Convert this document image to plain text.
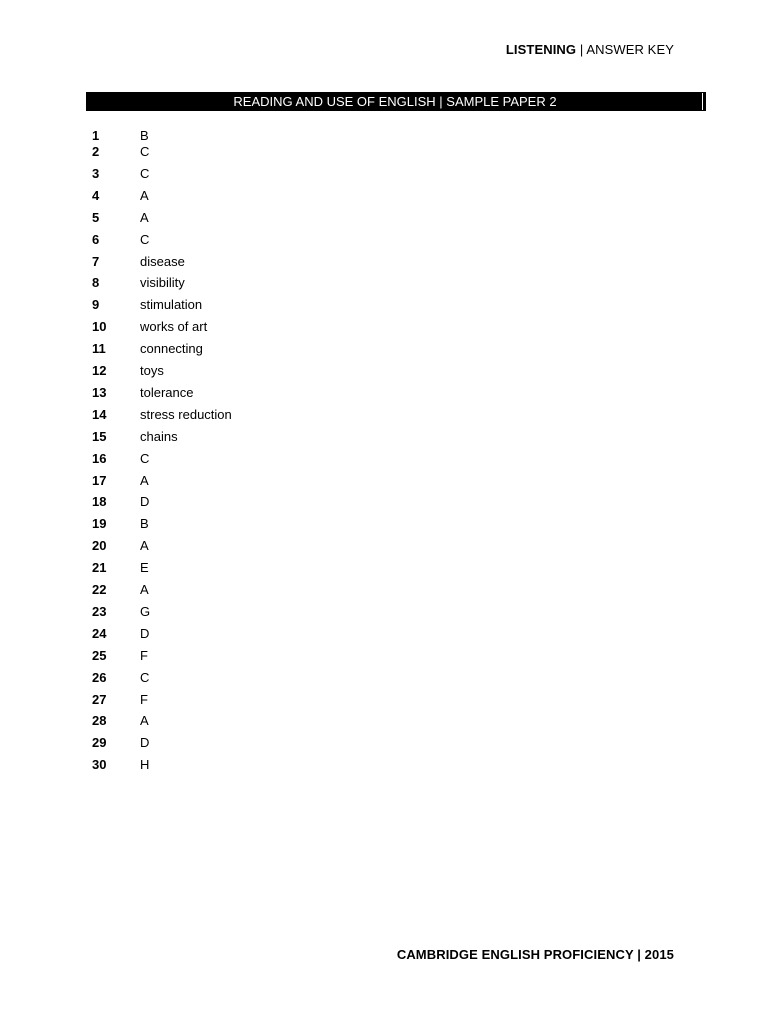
LISTENING | ANSWER KEY
READING AND USE OF ENGLISH | SAMPLE PAPER 2
1	B
2	C
3	C
4	A
5	A
6	C
7	disease
8	visibility
9	stimulation
10	works of art
11	connecting
12	toys
13	tolerance
14	stress reduction
15	chains
16	C
17	A
18	D
19	B
20	A
21	E
22	A
23	G
24	D
25	F
26	C
27	F
28	A
29	D
30	H
CAMBRIDGE ENGLISH PROFICIENCY | 2015
